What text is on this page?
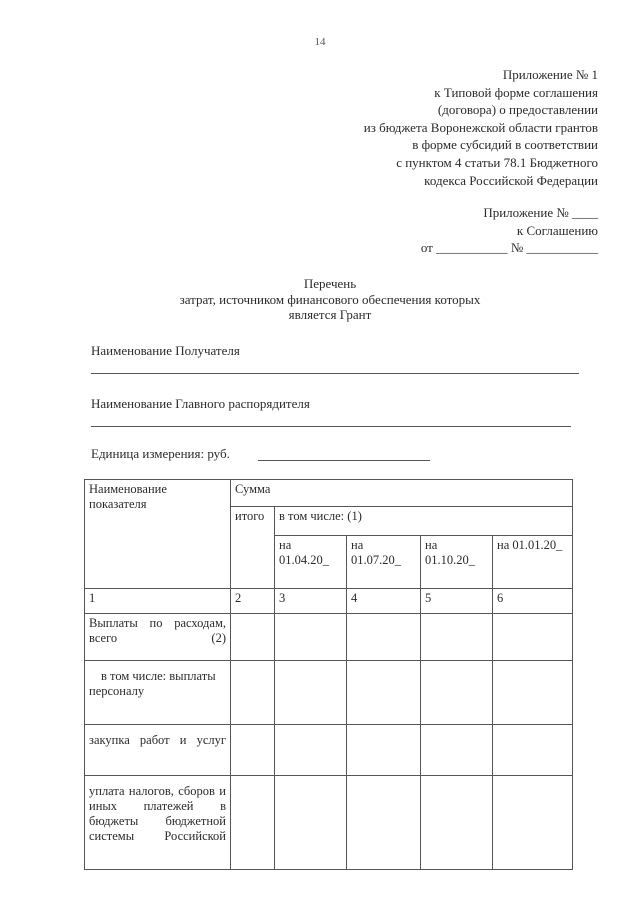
14
Приложение № 1
к Типовой форме соглашения
(договора) о предоставлении
из бюджета Воронежской области грантов
в форме субсидий в соответствии
с пунктом 4 статьи 78.1 Бюджетного
кодекса Российской Федерации
Приложение № ____
к Соглашению
от ___________ № ___________
Перечень
затрат, источником финансового обеспечения которых
является Грант
Наименование Получателя
Наименование Главного распорядителя
Единица измерения: руб.
Наименование показателя	Сумма				
	итого	в том числе: (1)			
		на 01.04.20_	на 01.07.20_	на 01.10.20_	на 01.01.20_
1	2	3	4	5	6
Выплаты по расходам, всего (2)					
в том числе: выплаты персоналу					
закупка работ и услуг					
уплата налогов, сборов и иных платежей в бюджеты бюджетной системы Российской					
